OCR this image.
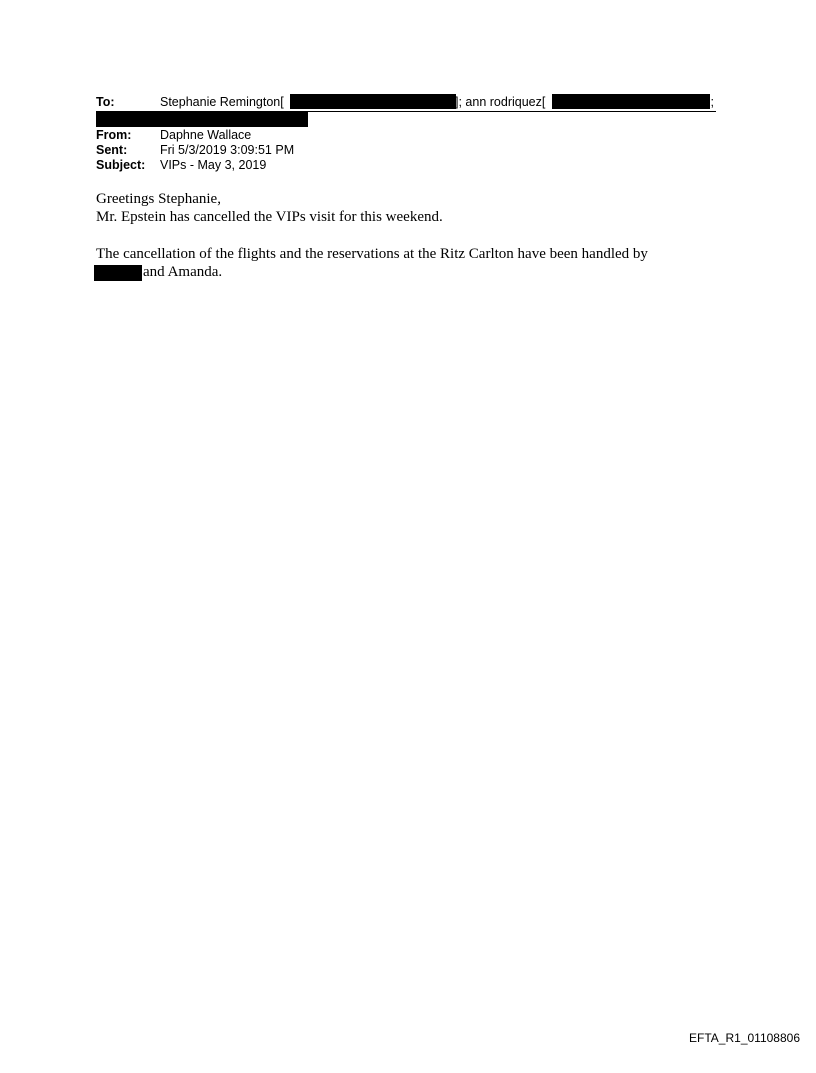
To:	Stephanie Remington[	]; ann rodriquez[	];
From: Daphne Wallace
Sent:	Fri 5/3/2019 3:09:51 PM
Subject: VIPs - May 3, 2019
Greetings Stephanie,
Mr. Epstein has cancelled the VIPs visit for this weekend.
The cancellation of the flights and the reservations at the Ritz Carlton have been handled by
and Amanda.
EFTA_R1_01108806
